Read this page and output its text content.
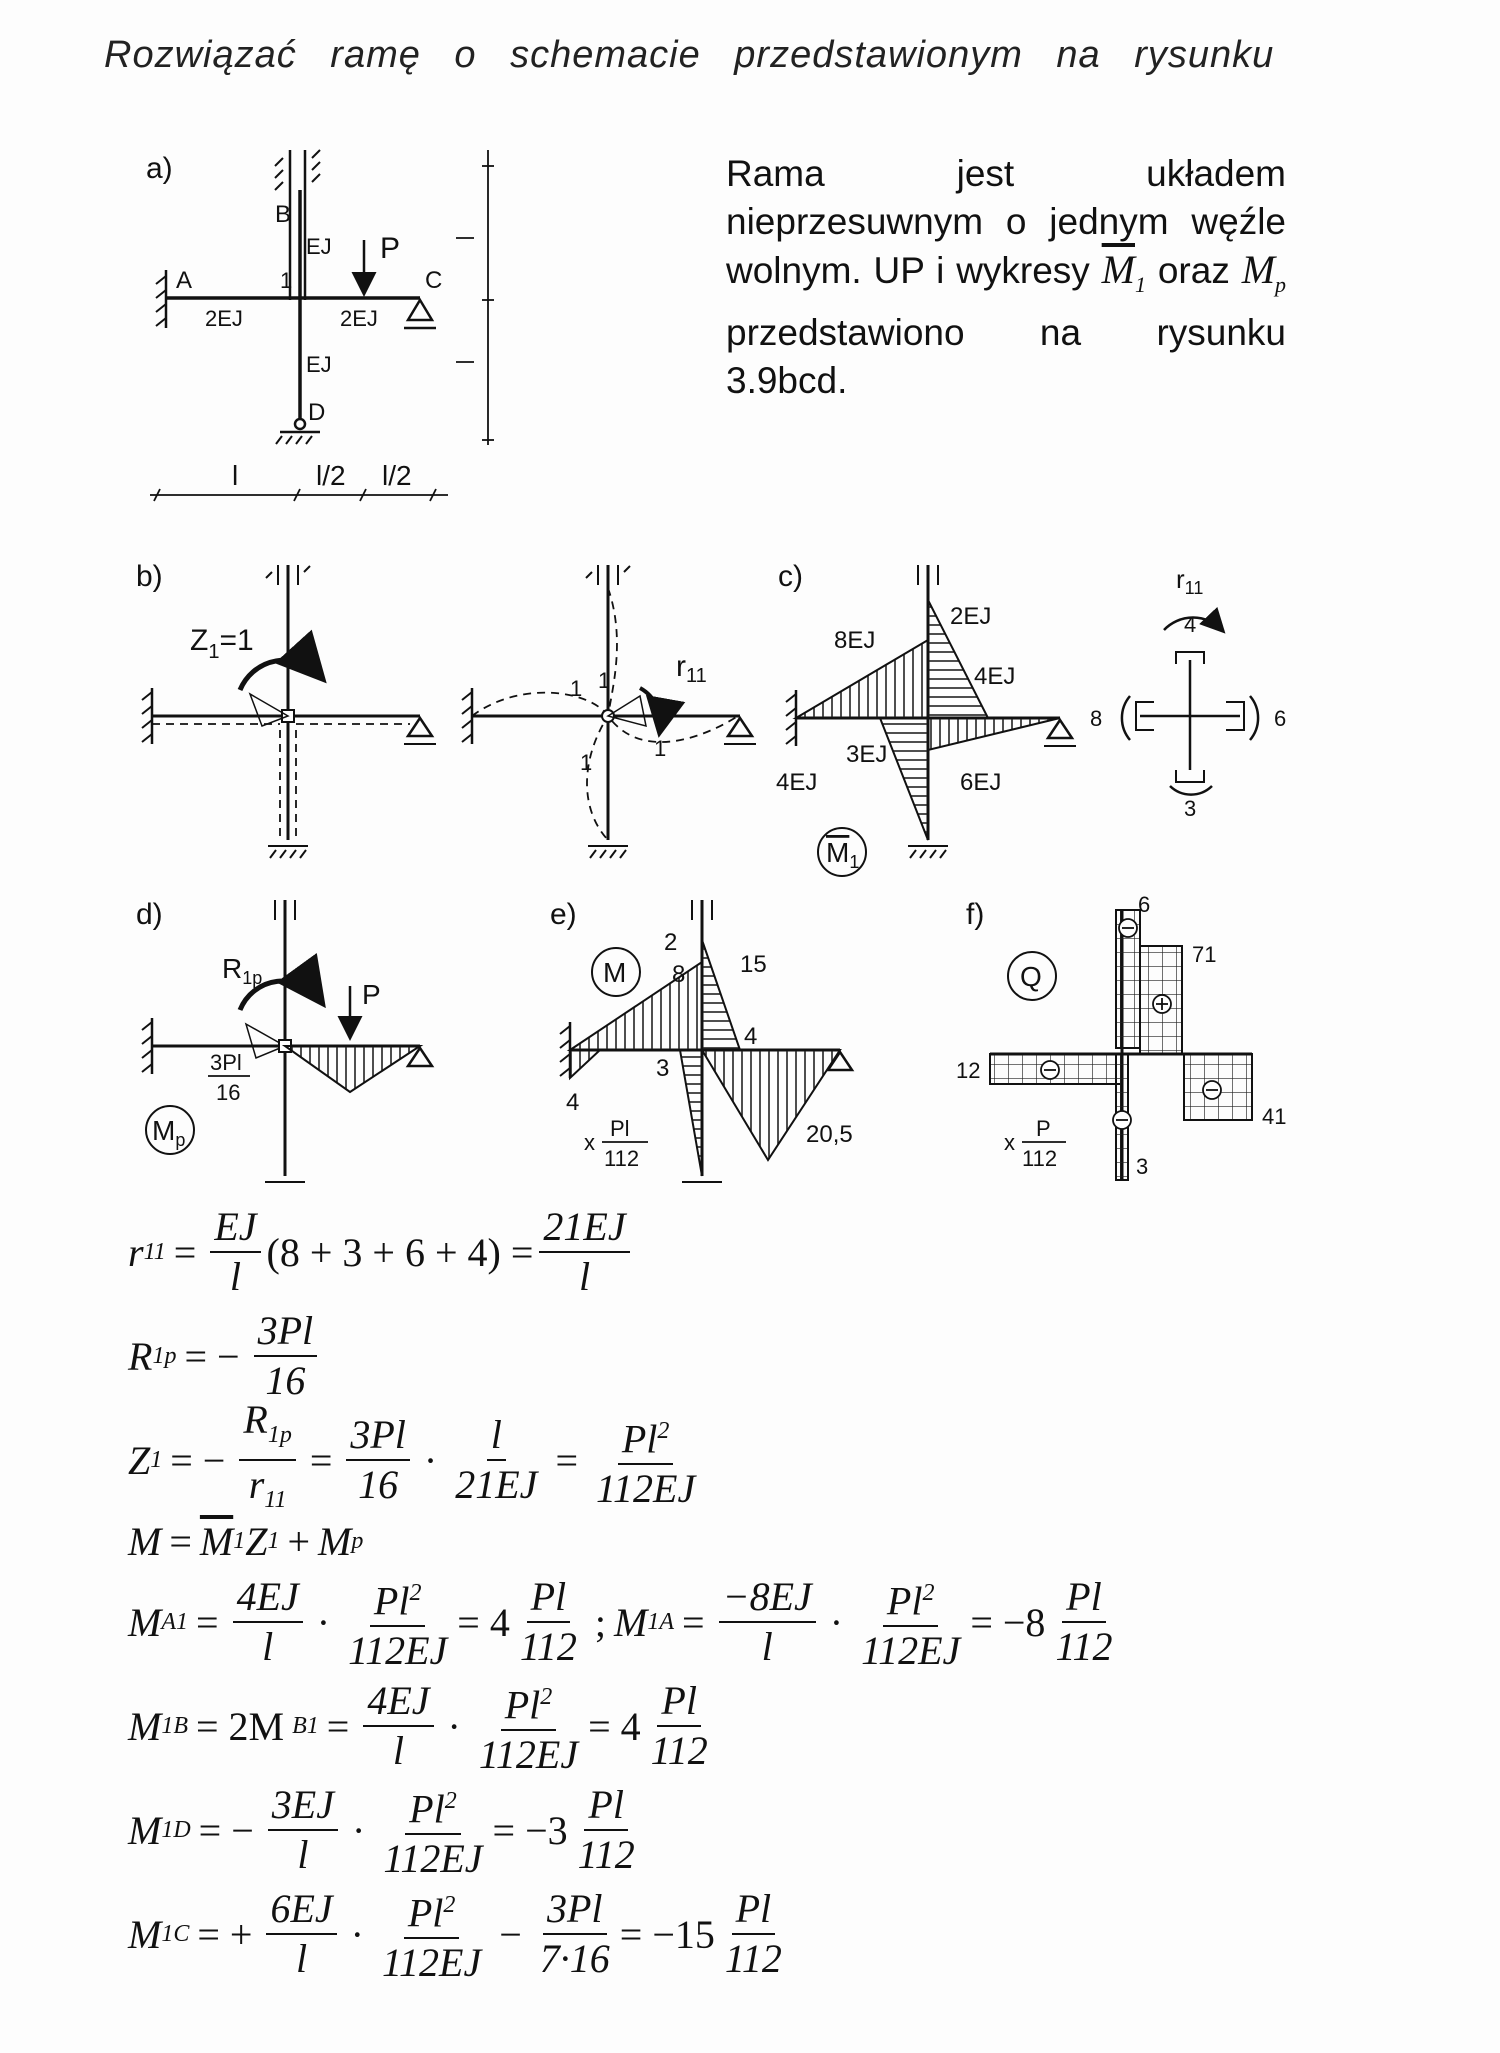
Rozwiązać ramę o schemacie przedstawionym na rysunku
Rama jest układem nieprzesuwnym o jednym węźle wolnym. UP i wykresy $\overline{M}_1$ oraz $M_p$ przedstawiono na rysunku 3.9bcd.
a)
P
A
B
C
D
1
EJ
EJ
2EJ	2EJ
l	l/2 l/2
b)
$Z_1=1$
1 1
1
1
$r_{11}$
c)
8EJ
2EJ
4EJ
3EJ
4EJ	6EJ
$M_1$
$r_{11}$
4
8	6
3
d)
P
$R_{1p}$
3Pl
16
$M_p$
e)
M
2
8 15
4
3
4
20,5
x
Pl
112
f)
Q
6
71
12
41
3
x
P
112
r $11 = \frac{EJ}{l} (8 + 3 + 6 + 4) = \frac{21EJ}{l}$
R 1p = − $\frac{3Pl}{16}$
Z 1 = − $\frac{R_{1p}}{r_{11}} = \frac{3Pl}{16} \cdot \frac{l}{21EJ} = \frac{Pl^2}{112EJ}$
$M = \overline{M}$ 1 Z 1 + M p
M $A1 = \frac{4EJ}{l} \cdot \frac{Pl^2}{112EJ} = 4 \frac{Pl}{112}$ ; M $1A = \frac{-8EJ}{l} \cdot \frac{Pl^2}{112EJ} = -8 \frac{Pl}{112}$
M 1B = 2M $B1 = \frac{4EJ}{l} \cdot \frac{Pl^2}{112EJ} = 4 \frac{Pl}{112}$
M 1D = − $\frac{3EJ}{l} \cdot \frac{Pl^2}{112EJ} = -3 \frac{Pl}{112}$
M 1C = + $\frac{6EJ}{l} \cdot \frac{Pl^2}{112EJ} - \frac{3Pl}{7\cdot 16} = -15 \frac{Pl}{112}$
